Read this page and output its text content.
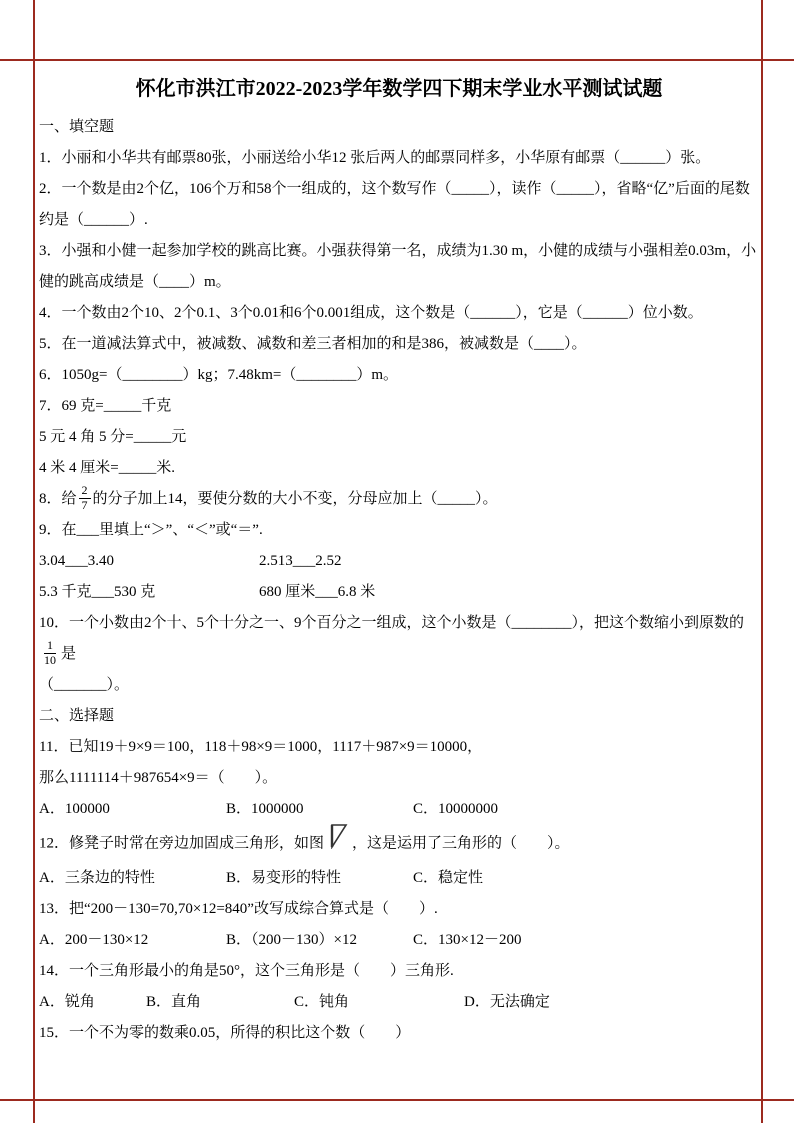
怀化市洪江市2022-2023学年数学四下期末学业水平测试试题
一、填空题
1．小丽和小华共有邮票80张，小丽送给小华12 张后两人的邮票同样多，小华原有邮票（______）张。
2．一个数是由2个亿，106个万和58个一组成的，这个数写作（_____），读作（_____），省略“亿”后面的尾数约是（______）.
3．小强和小健一起参加学校的跳高比赛。小强获得第一名，成绩为1.30 m，小健的成绩与小强相差0.03m，小健的跳高成绩是（____）m。
4．一个数由2个10、2个0.1、3个0.01和6个0.001组成，这个数是（______），它是（______）位小数。
5．在一道减法算式中，被减数、减数和差三者相加的和是386，被减数是（____）。
6．1050g=（________）kg；7.48km=（________）m。
7．69 克=_____千克
5 元 4 角 5 分=_____元
4 米 4 厘米=_____米.
8．给 $\frac{2}{7}$ 的分子加上14，要使分数的大小不变，分母应加上（_____）。
9．在___里填上“＞”、“＜”或“＝”.
3.04___3.40	2.513___2.52
5.3 千克___530 克	680 厘米___6.8 米
10．一个小数由2个十、5个十分之一、9个百分之一组成，这个小数是（________），把这个数缩小到原数的
$\frac{1}{10}$ 是
（_______）。
二、选择题
11．已知19＋9×9＝100，118＋98×9＝1000，1117＋987×9＝10000，
那么1111114＋987654×9＝（　　）。
A．100000	B．1000000	C．10000000
12．修凳子时常在旁边加固成三角形，如图 ，这是运用了三角形的（　　）。
A．三条边的特性	B．易变形的特性	C．稳定性
13．把“200－130=70,70×12=840”改写成综合算式是（　　）.
A．200－130×12	B．（200－130）×12	C．130×12－200
14．一个三角形最小的角是50°，这个三角形是（　　）三角形.
A．锐角	B．直角	C．钝角	D．无法确定
15．一个不为零的数乘0.05，所得的积比这个数（　　）
